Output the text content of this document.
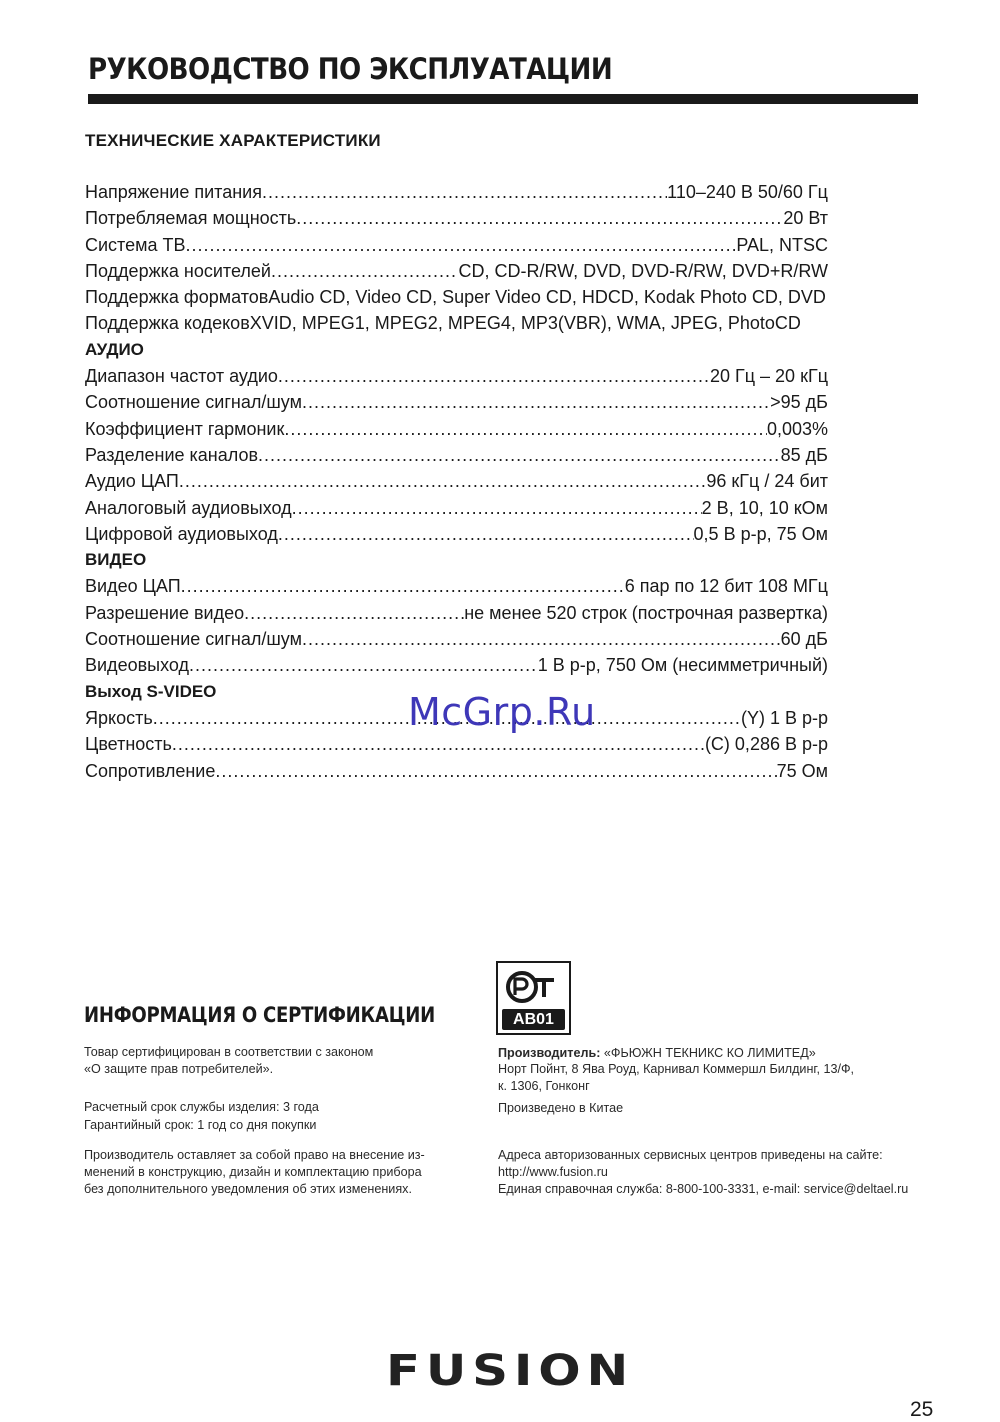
РУКОВОДСТВО ПО ЭКСПЛУАТАЦИИ
ТЕХНИЧЕСКИЕ ХАРАКТЕРИСТИКИ
Напряжение питания .....	110–240 В 50/60 Гц
Потребляемая мощность .....	20 Вт
Система ТВ .....	PAL, NTSC
Поддержка носителей .....	CD, CD-R/RW, DVD, DVD-R/RW, DVD+R/RW
Поддержка форматов Audio CD, Video CD, Super Video CD, HDCD, Kodak Photo CD, DVD
Поддержка кодеков XVID, MPEG1, MPEG2, MPEG4, MP3(VBR), WMA, JPEG, PhotoCD
АУДИО
Диапазон частот аудио .....	20 Гц – 20 кГц
Соотношение сигнал/шум .....	>95 дБ
Коэффициент гармоник .....	0,003%
Разделение каналов .....	85 дБ
Аудио ЦАП .....	96 кГц / 24 бит
Аналоговый аудиовыход .....	2 В, 10, 10 кОм
Цифровой аудиовыход .....	0,5 В р-р, 75 Ом
ВИДЕО
Видео ЦАП .....	6 пар по 12 бит 108 МГц
Разрешение видео .....	не менее 520 строк (построчная развертка)
Соотношение сигнал/шум .....	60 дБ
Видеовыход .....	1 В р-р, 750 Ом (несимметричный)
Выход S-VIDEO
Яркость .....	(Y) 1 В р-р
Цветность .....	(С) 0,286 В р-р
Сопротивление .....	75 Ом
McGrp.Ru
ИНФОРМАЦИЯ О СЕРТИФИКАЦИИ
Товар сертифицирован в соответствии с законом
«О защите прав потребителей».
Расчетный срок службы изделия: 3 года
Гарантийный срок: 1 год со дня покупки
Производитель оставляет за собой право на внесение из-
менений в конструкцию, дизайн и комплектацию прибора
без дополнительного уведомления об этих изменениях.
АВ01
Производитель: «ФЬЮЖН ТЕКНИКС КО ЛИМИТЕД»
Норт Пойнт, 8 Ява Роуд, Карнивал Коммершл Билдинг, 13/Ф,
к. 1306, Гонконг
Произведено в Китае
Адреса авторизованных сервисных центров приведены на сайте:
http://www.fusion.ru
Единая справочная служба: 8-800-100-3331, e-mail: service@deltael.ru
FUSION
25
